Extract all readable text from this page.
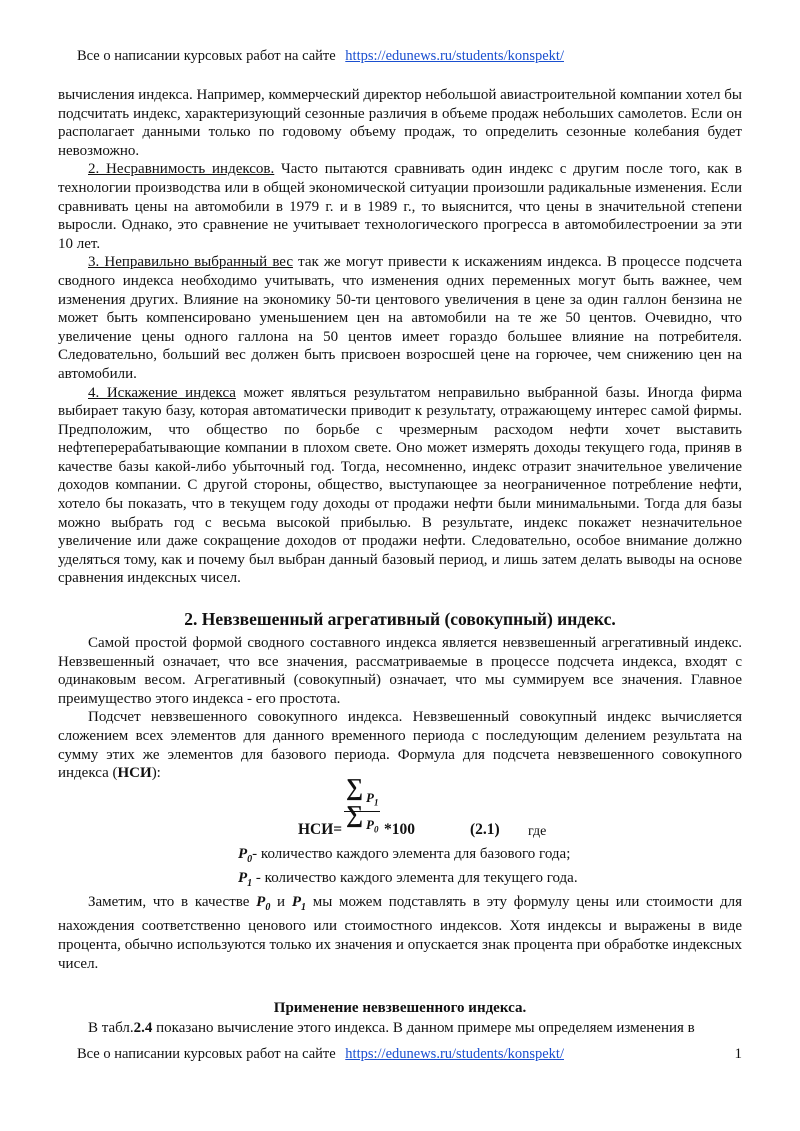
Все о написании курсовых работ на сайте https://edunews.ru/students/konspekt/

вычисления индекса. Например, коммерческий директор небольшой авиастроительной компании хотел бы подсчитать индекс, характеризующий сезонные различия в объеме продаж небольших самолетов. Если он располагает данными только по годовому объему продаж, то определить сезонные колебания будет невозможно.

2. Несравнимость индексов. Часто пытаются сравнивать один индекс с другим после того, как в технологии производства или в общей экономической ситуации произошли радикальные изменения. Если сравнивать цены на автомобили в 1979 г. и в 1989 г., то выяснится, что цены в значительной степени выросли. Однако, это сравнение не учитывает технологического прогресса в автомобилестроении за эти 10 лет.

3. Неправильно выбранный вес так же могут привести к искажениям индекса. В процессе подсчета сводного индекса необходимо учитывать, что изменения одних переменных могут быть важнее, чем изменения других. Влияние на экономику 50-ти центового увеличения в цене за один галлон бензина не может быть компенсировано уменьшением цен на автомобили на те же 50 центов. Очевидно, что увеличение цены одного галлона на 50 центов имеет гораздо большее влияние на потребителя. Следовательно, больший вес должен быть присвоен возросшей цене на горючее, чем снижению цен на автомобили.

4. Искажение индекса может являться результатом неправильно выбранной базы. Иногда фирма выбирает такую базу, которая автоматически приводит к результату, отражающему интерес самой фирмы. Предположим, что общество по борьбе с чрезмерным расходом нефти хочет выставить нефтеперерабатывающие компании в плохом свете. Оно может измерять доходы текущего года, приняв в качестве базы какой-либо убыточный год. Тогда, несомненно, индекс отразит значительное увеличение доходов компании. С другой стороны, общество, выступающее за неограниченное потребление нефти, хотело бы показать, что в текущем году доходы от продажи нефти были минимальными. Тогда для базы можно выбрать год с весьма высокой прибылью. В результате, индекс покажет незначительное увеличение или даже сокращение доходов от продажи нефти. Следовательно, особое внимание должно уделяться тому, как и почему был выбран данный базовый период, и лишь затем делать выводы на основе сравнения индексных чисел.

2. Невзвешенный агрегативный (совокупный) индекс.

Самой простой формой сводного составного индекса является невзвешенный агрегативный индекс. Невзвешенный означает, что все значения, рассматриваемые в процессе подсчета индекса, входят с одинаковым весом. Агрегативный (совокупный) означает, что мы суммируем все значения. Главное преимущество этого индекса - его простота.

Подсчет невзвешенного совокупного индекса. Невзвешенный совокупный индекс вычисляется сложением всех элементов для данного временного периода с последующим делением результата на сумму этих же элементов для базового периода. Формула для подсчета невзвешенного совокупного индекса (НСИ):

НСИ=
∑ $P_1$
∑ $P_0$ *100	(2.1) где

$P_0-$ количество каждого элемента для базового года;

$P_1$ - количество каждого элемента для текущего года.

Заметим, что в качестве $P_0$ и $P_1$ мы можем подставлять в эту формулу цены или стоимости для нахождения соответственно ценового или стоимостного индексов. Хотя индексы и выражены в виде процента, обычно используются только их значения и опускается знак процента при обработке индексных чисел.

Применение невзвешенного индекса.

В табл.2.4 показано вычисление этого индекса. В данном примере мы определяем изменения в

Все о написании курсовых работ на сайте https://edunews.ru/students/konspekt/	1
